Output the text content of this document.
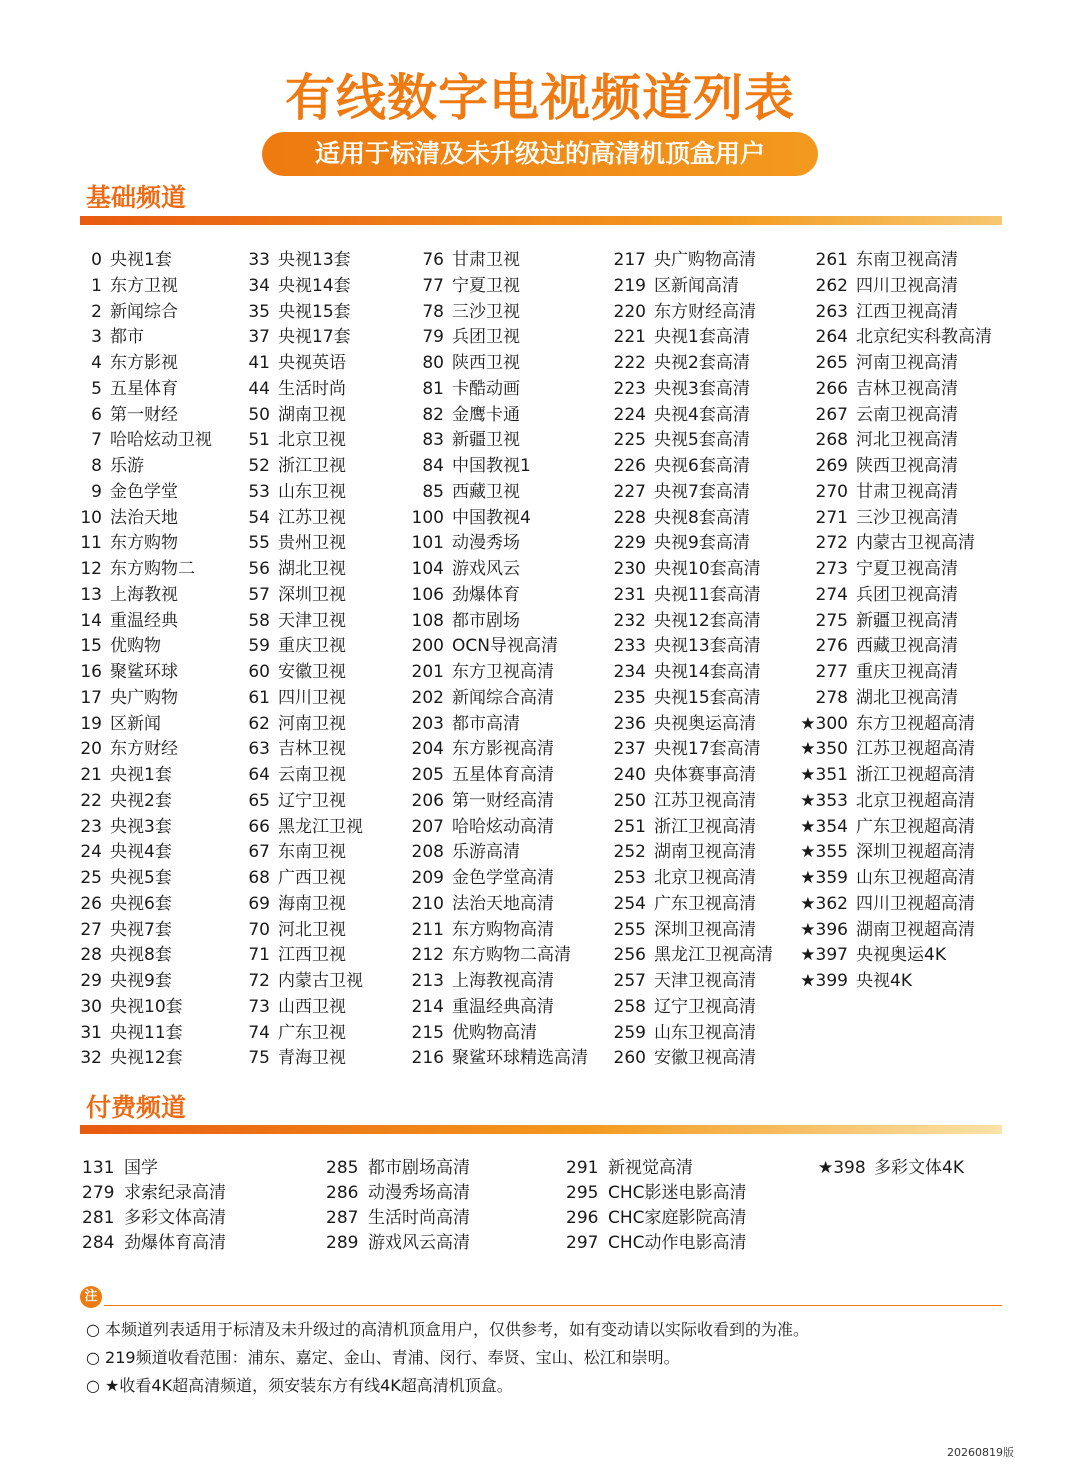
有线数字电视频道列表
适用于标清及未升级过的高清机顶盒用户
基础频道
0 央视1套
1 东方卫视
2 新闻综合
3 都市
4 东方影视
5 五星体育
6 第一财经
7 哈哈炫动卫视
8 乐游
9 金色学堂
10 法治天地
11 东方购物
12 东方购物二
13 上海教视
14 重温经典
15 优购物
16 聚鲨环球
17 央广购物
19 区新闻
20 东方财经
21 央视1套
22 央视2套
23 央视3套
24 央视4套
25 央视5套
26 央视6套
27 央视7套
28 央视8套
29 央视9套
30 央视10套
31 央视11套
32 央视12套
33 央视13套
34 央视14套
35 央视15套
37 央视17套
41 央视英语
44 生活时尚
50 湖南卫视
51 北京卫视
52 浙江卫视
53 山东卫视
54 江苏卫视
55 贵州卫视
56 湖北卫视
57 深圳卫视
58 天津卫视
59 重庆卫视
60 安徽卫视
61 四川卫视
62 河南卫视
63 吉林卫视
64 云南卫视
65 辽宁卫视
66 黑龙江卫视
67 东南卫视
68 广西卫视
69 海南卫视
70 河北卫视
71 江西卫视
72 内蒙古卫视
73 山西卫视
74 广东卫视
75 青海卫视
76 甘肃卫视
77 宁夏卫视
78 三沙卫视
79 兵团卫视
80 陕西卫视
81 卡酷动画
82 金鹰卡通
83 新疆卫视
84 中国教视1
85 西藏卫视
100 中国教视4
101 动漫秀场
104 游戏风云
106 劲爆体育
108 都市剧场
200 OCN导视高清
201 东方卫视高清
202 新闻综合高清
203 都市高清
204 东方影视高清
205 五星体育高清
206 第一财经高清
207 哈哈炫动高清
208 乐游高清
209 金色学堂高清
210 法治天地高清
211 东方购物高清
212 东方购物二高清
213 上海教视高清
214 重温经典高清
215 优购物高清
216 聚鲨环球精选高清
217 央广购物高清
219 区新闻高清
220 东方财经高清
221 央视1套高清
222 央视2套高清
223 央视3套高清
224 央视4套高清
225 央视5套高清
226 央视6套高清
227 央视7套高清
228 央视8套高清
229 央视9套高清
230 央视10套高清
231 央视11套高清
232 央视12套高清
233 央视13套高清
234 央视14套高清
235 央视15套高清
236 央视奥运高清
237 央视17套高清
240 央体赛事高清
250 江苏卫视高清
251 浙江卫视高清
252 湖南卫视高清
253 北京卫视高清
254 广东卫视高清
255 深圳卫视高清
256 黑龙江卫视高清
257 天津卫视高清
258 辽宁卫视高清
259 山东卫视高清
260 安徽卫视高清
261 东南卫视高清
262 四川卫视高清
263 江西卫视高清
264 北京纪实科教高清
265 河南卫视高清
266 吉林卫视高清
267 云南卫视高清
268 河北卫视高清
269 陕西卫视高清
270 甘肃卫视高清
271 三沙卫视高清
272 内蒙古卫视高清
273 宁夏卫视高清
274 兵团卫视高清
275 新疆卫视高清
276 西藏卫视高清
277 重庆卫视高清
278 湖北卫视高清
★300 东方卫视超高清
★350 江苏卫视超高清
★351 浙江卫视超高清
★353 北京卫视超高清
★354 广东卫视超高清
★355 深圳卫视超高清
★359 山东卫视超高清
★362 四川卫视超高清
★396 湖南卫视超高清
★397 央视奥运4K
★399 央视4K
付费频道
131 国学
279 求索纪录高清
281 多彩文体高清
284 劲爆体育高清
285 都市剧场高清
286 动漫秀场高清
287 生活时尚高清
289 游戏风云高清
291 新视觉高清
295 CHC影迷电影高清
296 CHC家庭影院高清
297 CHC动作电影高清
★398 多彩文体4K
注
○ 本频道列表适用于标清及未升级过的高清机顶盒用户，仅供参考，如有变动请以实际收看到的为准。
○ 219频道收看范围：浦东、嘉定、金山、青浦、闵行、奉贤、宝山、松江和崇明。
○ ★收看4K超高清频道，须安装东方有线4K超高清机顶盒。
20260819版
